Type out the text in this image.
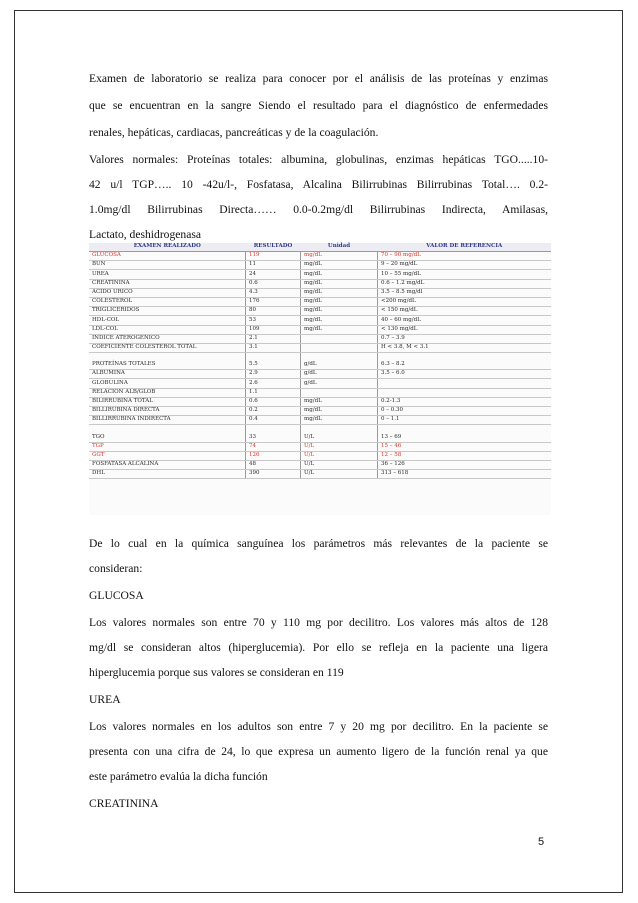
Examen de laboratorio se realiza para conocer por el análisis de las proteínas y enzimas

que se encuentran en la sangre Siendo el resultado para el diagnóstico de enfermedades

renales, hepáticas, cardiacas, pancreáticas y de la coagulación.

Valores normales: Proteínas totales: albumina, globulinas, enzimas hepáticas TGO.....10-

42 u/l TGP….. 10 -42u/l-, Fosfatasa, Alcalina Bilirrubinas Bilirrubinas Total…. 0.2-

1.0mg/dl Bilirrubinas Directa…… 0.0-0.2mg/dl Bilirrubinas Indirecta, Amilasas,

Lactato, deshidrogenasa

EXAMEN REALIZADO	RESULTADO	Unidad	VALOR DE REFERENCIA
GLUCOSA	119	mg/dL	70 – 90 mg/dL
BUN	11	mg/dL	9 – 20 mg/dL
UREA	24	mg/dL	10 – 55 mg/dL
CREATININA	0.6	mg/dL	0.6 – 1.2 mg/dL
ACIDO URICO	4.3	mg/dL	3.5 – 8.5 mg/dl
COLESTEROL	176	mg/dL	<200 mg/dL
TRIGLICERIDOS	80	mg/dL	< 150 mg/dL
HDL-COL	53	mg/dL	40 – 60 mg/dL
LDL-COL	109	mg/dL	< 130 mg/dL
INDICE ATEROGENICO	2.1		0.7 – 3.9
COEFICIENTE COLESTEROL TOTAL	3.1		H < 3.8, M < 3.1

PROTEÍNAS TOTALES	5.5	g/dL	6.3 – 8.2
ALBUMINA	2.9	g/dL	3.5 – 6.0
GLOBULINA	2.6	g/dL	
RELACION ALB/GLOB	1.1		
BILIRRUBINA TOTAL	0.6	mg/dL	0.2-1.3
BILLIRUBINA DIRECTA	0.2	mg/dL	0 – 0.30
BILLIRRUBINA INDIRECTA	0.4	mg/dL	0 – 1.1

TGO	33	U/L	13 – 69
TGP	74	U/L	15 – 46
GGT	126	U/L	12 – 58
FOSFATASA ALCALINA	48	U/L	36 – 126
DHL	390	U/L	313 – 618

De lo cual en la química sanguínea los parámetros más relevantes de la paciente se

consideran:

GLUCOSA

Los valores normales son entre 70 y 110 mg por decilitro. Los valores más altos de 128

mg/dl se consideran altos (hiperglucemia). Por ello se refleja en la paciente una ligera

hiperglucemia porque sus valores se consideran en 119

UREA

Los valores normales en los adultos son entre 7 y 20 mg por decilitro. En la paciente se

presenta con una cifra de 24, lo que expresa un aumento ligero de la función renal ya que

este parámetro evalúa la dicha función

CREATININA

5
